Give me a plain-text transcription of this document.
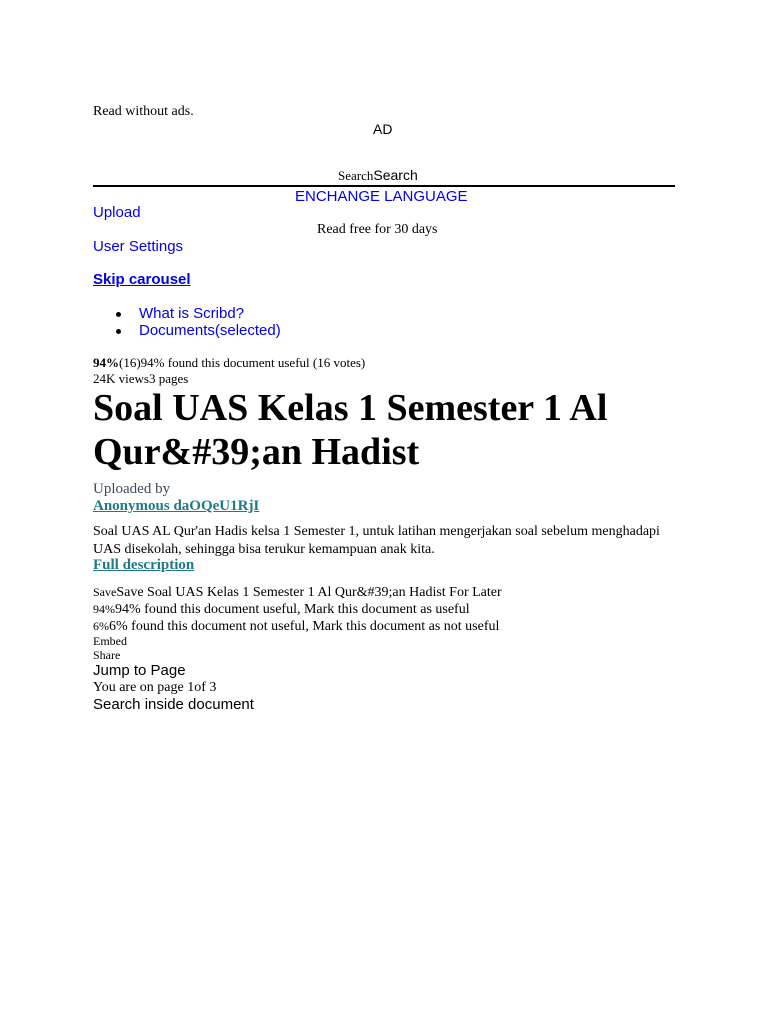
Read without ads.
AD
SearchSearch
ENCHANGE LANGUAGE
Upload
Read free for 30 days
User Settings
Skip carousel
What is Scribd?
Documents(selected)
94%(16)94% found this document useful (16 votes)
24K views3 pages
Soal UAS Kelas 1 Semester 1 Al Qur&#39;an Hadist
Uploaded by
Anonymous daOQeU1RjI
Soal UAS AL Qur'an Hadis kelsa 1 Semester 1, untuk latihan mengerjakan soal sebelum menghadapi UAS disekolah, sehingga bisa terukur kemampuan anak kita.
Full description
SaveSave Soal UAS Kelas 1 Semester 1 Al Qur&#39;an Hadist For Later
94%94% found this document useful, Mark this document as useful
6%6% found this document not useful, Mark this document as not useful
Embed
Share
Jump to Page
You are on page 1of 3
Search inside document
